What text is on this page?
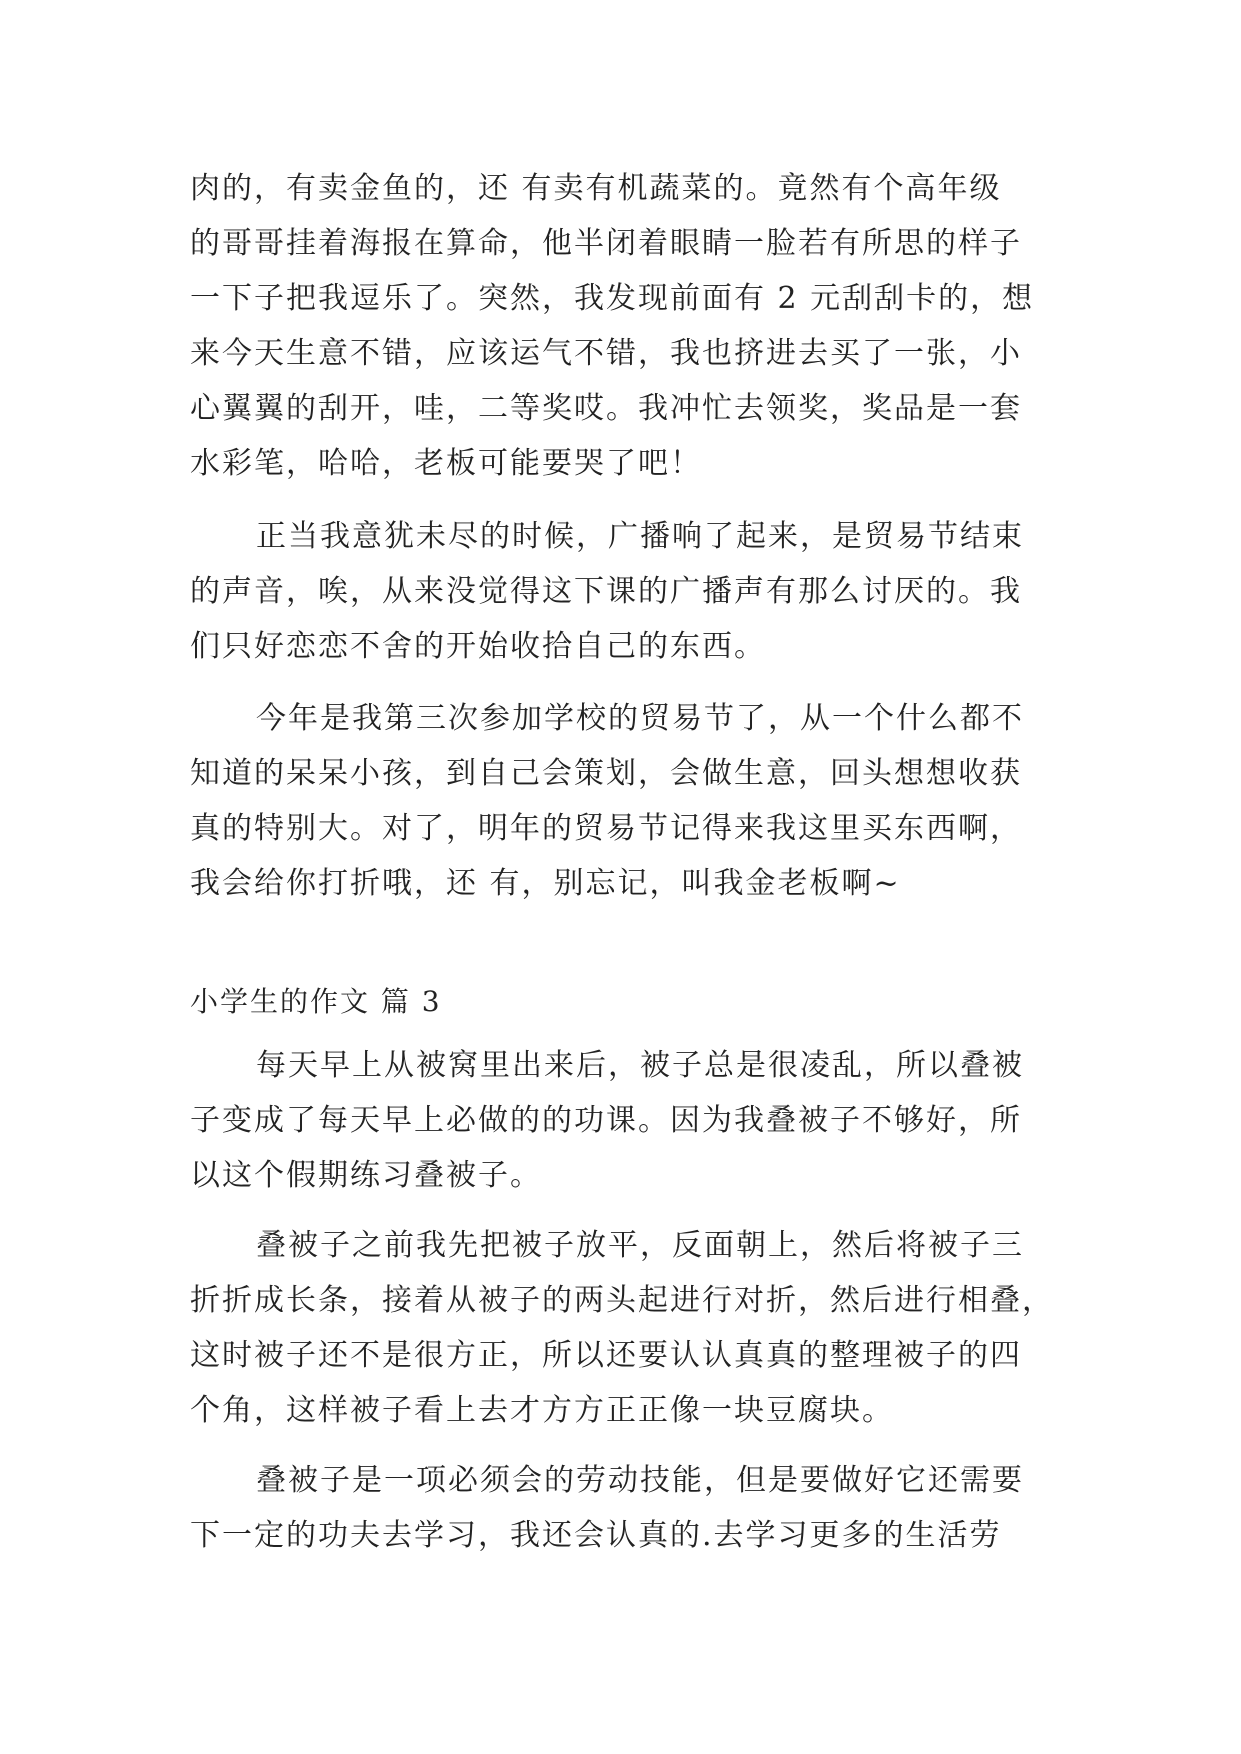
肉的，有卖金鱼的，还 有卖有机蔬菜的。竟然有个高年级
的哥哥挂着海报在算命，他半闭着眼睛一脸若有所思的样子
一下子把我逗乐了。突然，我发现前面有 2 元刮刮卡的，想
来今天生意不错，应该运气不错，我也挤进去买了一张，小
心翼翼的刮开，哇，二等奖哎。我冲忙去领奖，奖品是一套
水彩笔，哈哈，老板可能要哭了吧！

正当我意犹未尽的时候，广播响了起来，是贸易节结束
的声音，唉，从来没觉得这下课的广播声有那么讨厌的。我
们只好恋恋不舍的开始收拾自己的东西。

今年是我第三次参加学校的贸易节了，从一个什么都不
知道的呆呆小孩，到自己会策划，会做生意，回头想想收获
真的特别大。对了，明年的贸易节记得来我这里买东西啊，
我会给你打折哦，还 有，别忘记，叫我金老板啊~

小学生的作文 篇 3

每天早上从被窝里出来后，被子总是很凌乱，所以叠被
子变成了每天早上必做的的功课。因为我叠被子不够好，所
以这个假期练习叠被子。

叠被子之前我先把被子放平，反面朝上，然后将被子三
折折成长条，接着从被子的两头起进行对折，然后进行相叠，
这时被子还不是很方正，所以还要认认真真的整理被子的四
个角，这样被子看上去才方方正正像一块豆腐块。

叠被子是一项必须会的劳动技能，但是要做好它还需要
下一定的功夫去学习，我还会认真的.去学习更多的生活劳
